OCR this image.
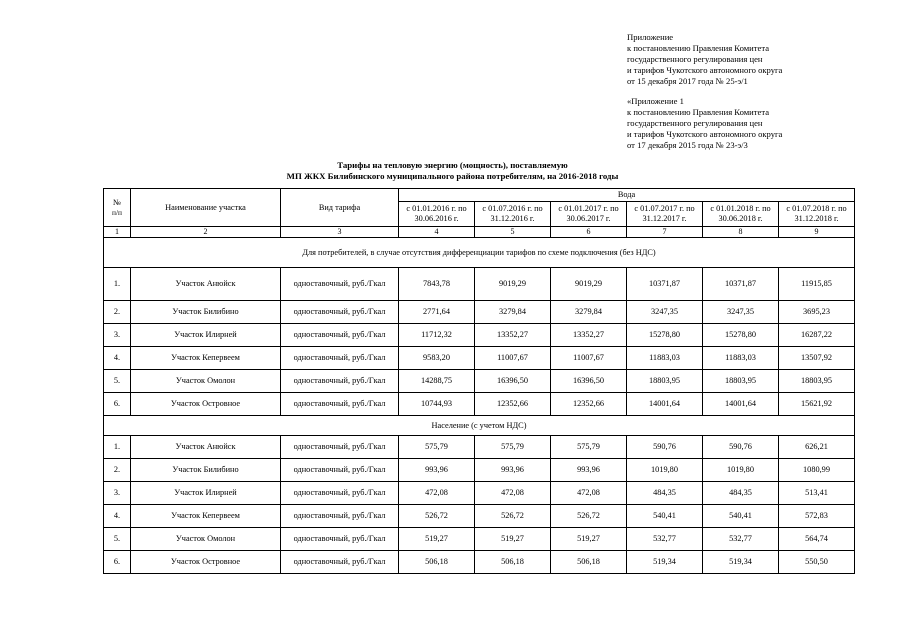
Приложение
к постановлению Правления Комитета
государственного регулирования цен
и тарифов Чукотского автономного округа
от 15 декабря 2017 года № 25-э/1
«Приложение 1
к постановлению Правления Комитета
государственного регулирования цен
и тарифов Чукотского автономного округа
от 17 декабря 2015 года № 23-э/3
Тарифы на тепловую энергию (мощность), поставляемую
МП ЖКХ Билибинского муниципального района потребителям, на 2016-2018 годы
№
п/п	Наименование участка	Вид тарифа	Вода					
			с 01.01.2016 г. по 30.06.2016 г.	с 01.07.2016 г. по 31.12.2016 г.	с 01.01.2017 г. по 30.06.2017 г.	с 01.07.2017 г. по 31.12.2017 г.	с 01.01.2018 г. по 30.06.2018 г.	с 01.07.2018 г. по 31.12.2018 г.
1	2	3	4	5	6	7	8	9
Для потребителей, в случае отсутствия дифференциации тарифов по схеме подключения (без НДС)								
1.	Участок Анюйск	одноставочный, руб./Гкал	7843,78	9019,29	9019,29	10371,87	10371,87	11915,85
2.	Участок Билибино	одноставочный, руб./Гкал	2771,64	3279,84	3279,84	3247,35	3247,35	3695,23
3.	Участок Илирней	одноставочный, руб./Гкал	11712,32	13352,27	13352,27	15278,80	15278,80	16287,22
4.	Участок Кепервеем	одноставочный, руб./Гкал	9583,20	11007,67	11007,67	11883,03	11883,03	13507,92
5.	Участок Омолон	одноставочный, руб./Гкал	14288,75	16396,50	16396,50	18803,95	18803,95	18803,95
6.	Участок Островное	одноставочный, руб./Гкал	10744,93	12352,66	12352,66	14001,64	14001,64	15621,92
Население (с учетом НДС)								
1.	Участок Анюйск	одноставочный, руб./Гкал	575,79	575,79	575,79	590,76	590,76	626,21
2.	Участок Билибино	одноставочный, руб./Гкал	993,96	993,96	993,96	1019,80	1019,80	1080,99
3.	Участок Илирней	одноставочный, руб./Гкал	472,08	472,08	472,08	484,35	484,35	513,41
4.	Участок Кепервеем	одноставочный, руб./Гкал	526,72	526,72	526,72	540,41	540,41	572,83
5.	Участок Омолон	одноставочный, руб./Гкал	519,27	519,27	519,27	532,77	532,77	564,74
6.	Участок Островное	одноставочный, руб./Гкал	506,18	506,18	506,18	519,34	519,34	550,50
